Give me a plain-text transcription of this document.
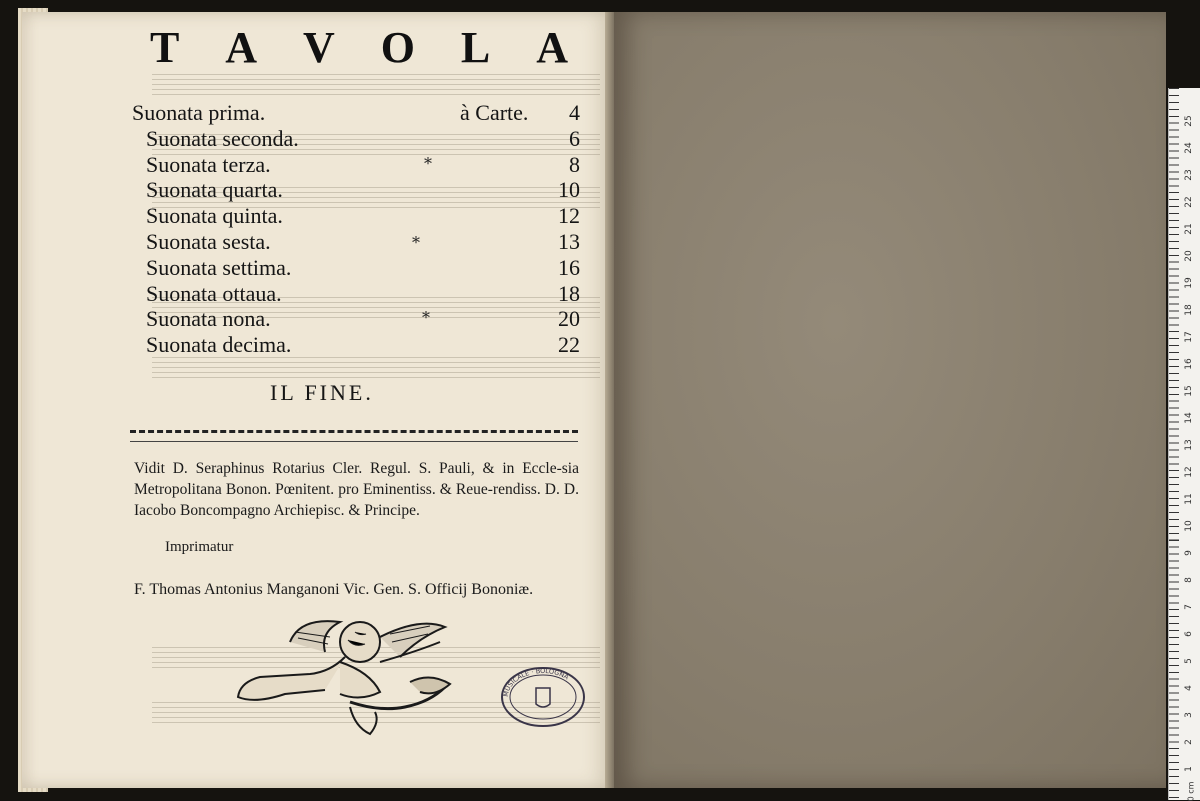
T A V O L A
Suonata prima.	à Carte. 4
Suonata seconda.	6
Suonata terza.	*	8
Suonata quarta.	10
Suonata quinta.	12
Suonata sesta.	*	13
Suonata settima.	16
Suonata ottaua.	18
Suonata nona.	*	20
Suonata decima.	22
IL FINE.
Vidit D. Seraphinus Rotarius Cler. Regul. S. Pauli, & in Eccle-sia Metropolitana Bonon. Pœnitent. pro Eminentiss. & Reue-rendiss. D. D. Iacobo Boncompagno Archiepisc. & Principe.
Imprimatur
F. Thomas Antonius Manganoni Vic. Gen. S. Officij Bononiæ.
MUSICALE · BOLOGNA
25
24
23
22
21
20
19
18
17
16
15
14
13
12
11
10
9
8
7
6
5
4
3
2
1
0 cm
